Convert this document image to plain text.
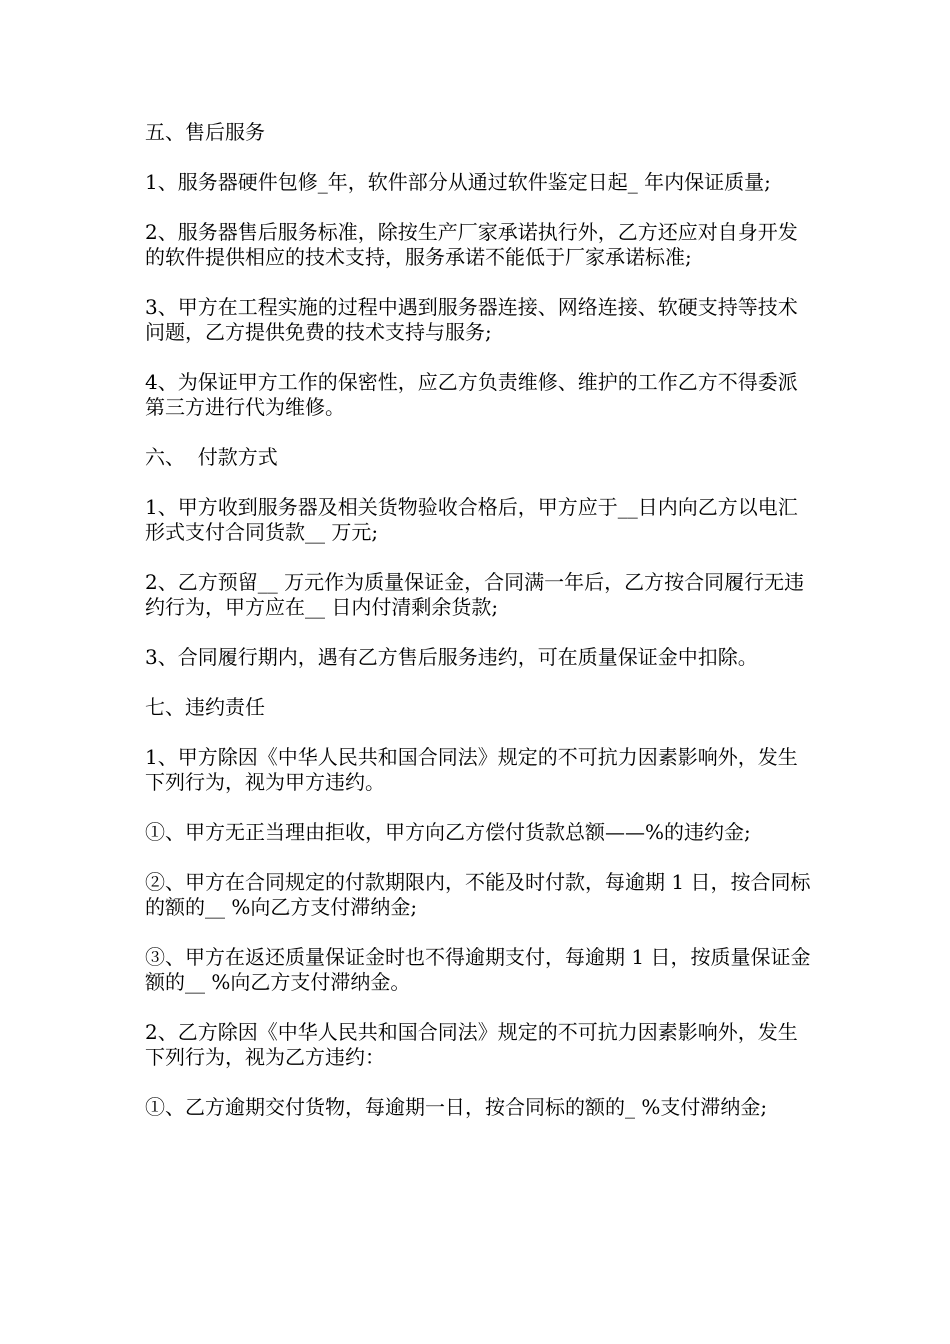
五、售后服务

1、服务器硬件包修_年，软件部分从通过软件鉴定日起_ 年内保证质量;

2、服务器售后服务标准，除按生产厂家承诺执行外，乙方还应对自身开发的软件提供相应的技术支持，服务承诺不能低于厂家承诺标准;

3、甲方在工程实施的过程中遇到服务器连接、网络连接、软硬支持等技术问题，乙方提供免费的技术支持与服务;

4、为保证甲方工作的保密性，应乙方负责维修、维护的工作乙方不得委派第三方进行代为维修。

六、  付款方式

1、甲方收到服务器及相关货物验收合格后，甲方应于__日内向乙方以电汇形式支付合同货款__ 万元;

2、乙方预留__ 万元作为质量保证金，合同满一年后，乙方按合同履行无违约行为，甲方应在__ 日内付清剩余货款;

3、合同履行期内，遇有乙方售后服务违约，可在质量保证金中扣除。

七、违约责任

1、甲方除因《中华人民共和国合同法》规定的不可抗力因素影响外，发生下列行为，视为甲方违约。

①、甲方无正当理由拒收，甲方向乙方偿付货款总额——%的违约金;

②、甲方在合同规定的付款期限内，不能及时付款，每逾期 1 日，按合同标的额的__ %向乙方支付滞纳金;

③、甲方在返还质量保证金时也不得逾期支付，每逾期 1 日，按质量保证金额的__ %向乙方支付滞纳金。

2、乙方除因《中华人民共和国合同法》规定的不可抗力因素影响外，发生下列行为，视为乙方违约：

①、乙方逾期交付货物，每逾期一日，按合同标的额的_ %支付滞纳金;
